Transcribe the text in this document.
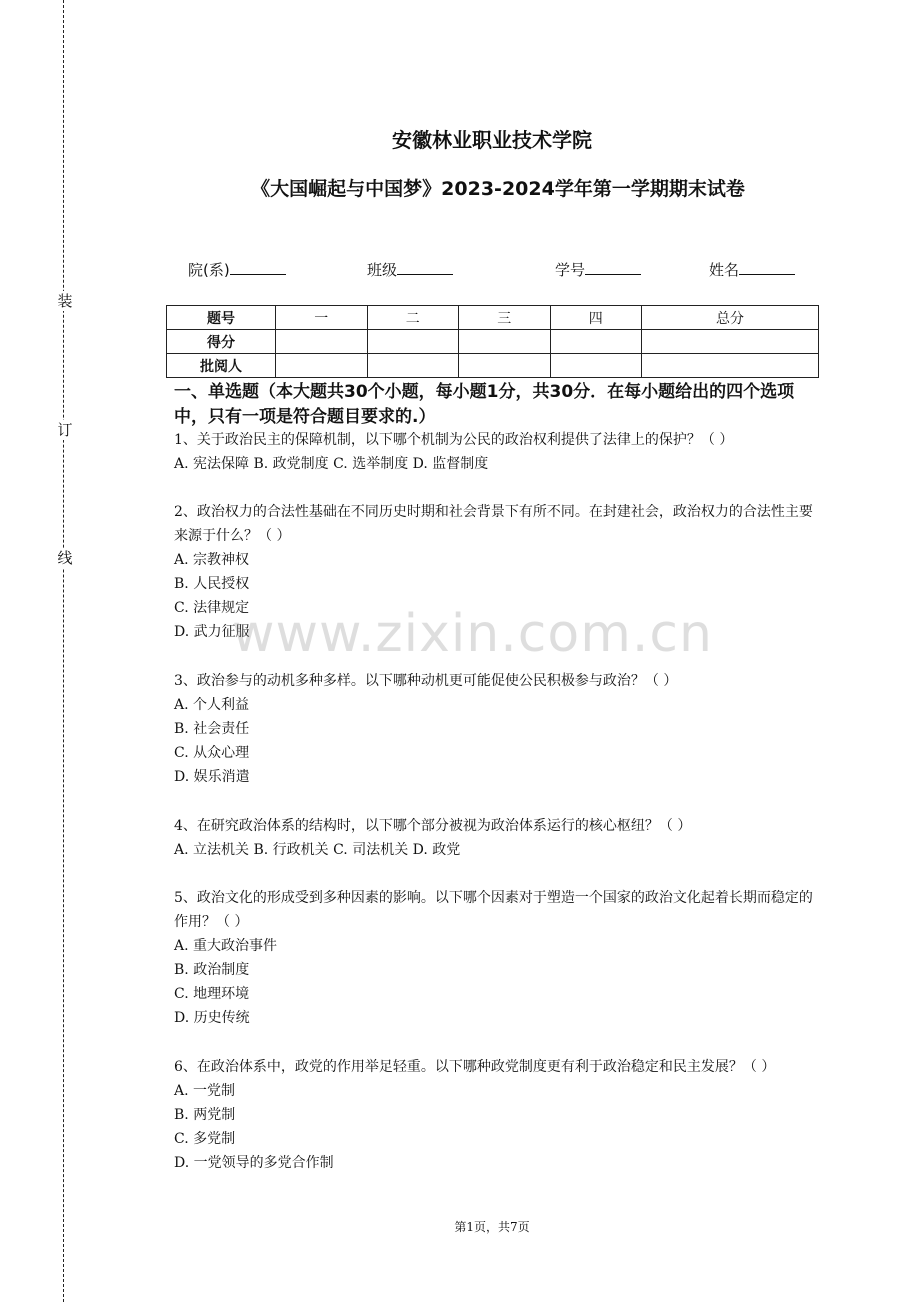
装
订
线
安徽林业职业技术学院
《大国崛起与中国梦》2023-2024学年第一学期期末试卷
院(系)	班级	学号	姓名
题号	一	二	三	四	总分
得分					
批阅人					
一、单选题（本大题共30个小题，每小题1分，共30分．在每小题给出的四个选项中，只有一项是符合题目要求的.）
1、关于政治民主的保障机制，以下哪个机制为公民的政治权利提供了法律上的保护？（ ）
A. 宪法保障 B. 政党制度 C. 选举制度 D. 监督制度
2、政治权力的合法性基础在不同历史时期和社会背景下有所不同。在封建社会，政治权力的合法性主要来源于什么？（ ）
A. 宗教神权
B. 人民授权
C. 法律规定
D. 武力征服
3、政治参与的动机多种多样。以下哪种动机更可能促使公民积极参与政治？（ ）
A. 个人利益
B. 社会责任
C. 从众心理
D. 娱乐消遣
4、在研究政治体系的结构时，以下哪个部分被视为政治体系运行的核心枢纽？（ ）
A. 立法机关 B. 行政机关 C. 司法机关 D. 政党
5、政治文化的形成受到多种因素的影响。以下哪个因素对于塑造一个国家的政治文化起着长期而稳定的作用？（ ）
A. 重大政治事件
B. 政治制度
C. 地理环境
D. 历史传统
6、在政治体系中，政党的作用举足轻重。以下哪种政党制度更有利于政治稳定和民主发展？（ ）
A. 一党制
B. 两党制
C. 多党制
D. 一党领导的多党合作制
www.zixin.com.cn
第1页，共7页
